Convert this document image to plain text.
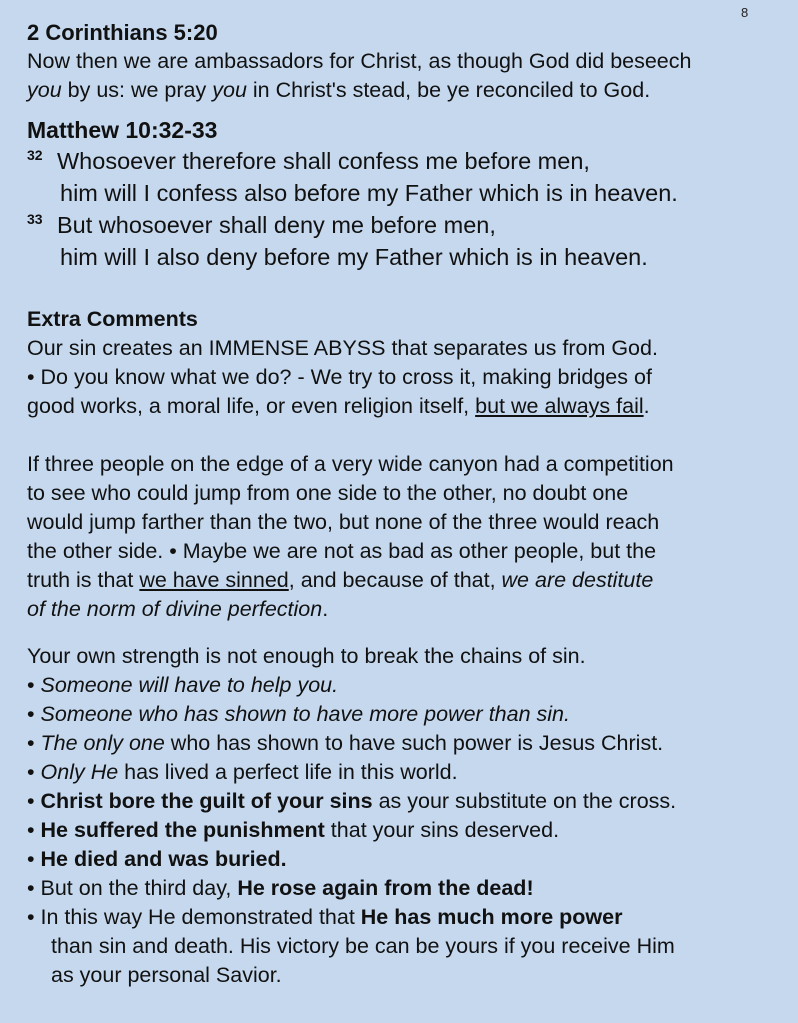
8

2 Corinthians 5:20

Now then we are ambassadors for Christ, as though God did beseech

you by us: we pray you in Christ's stead, be ye reconciled to God.

Matthew 10:32-33

32 Whosoever therefore shall confess me before men,

him will I confess also before my Father which is in heaven.

33 But whosoever shall deny me before men,

him will I also deny before my Father which is in heaven.

Extra Comments

Our sin creates an IMMENSE ABYSS that separates us from God.

• Do you know what we do? - We try to cross it, making bridges of

good works, a moral life, or even religion itself, but we always fail.

If three people on the edge of a very wide canyon had a competition

to see who could jump from one side to the other, no doubt one

would jump farther than the two, but none of the three would reach

the other side. • Maybe we are not as bad as other people, but the

truth is that we have sinned, and because of that, we are destitute

of the norm of divine perfection.

Your own strength is not enough to break the chains of sin.

• Someone will have to help you.

• Someone who has shown to have more power than sin.

• The only one who has shown to have such power is Jesus Christ.

• Only He has lived a perfect life in this world.

• Christ bore the guilt of your sins as your substitute on the cross.

• He suffered the punishment that your sins deserved.

• He died and was buried.

• But on the third day, He rose again from the dead!

• In this way He demonstrated that He has much more power

than sin and death. His victory be can be yours if you receive Him

as your personal Savior.
